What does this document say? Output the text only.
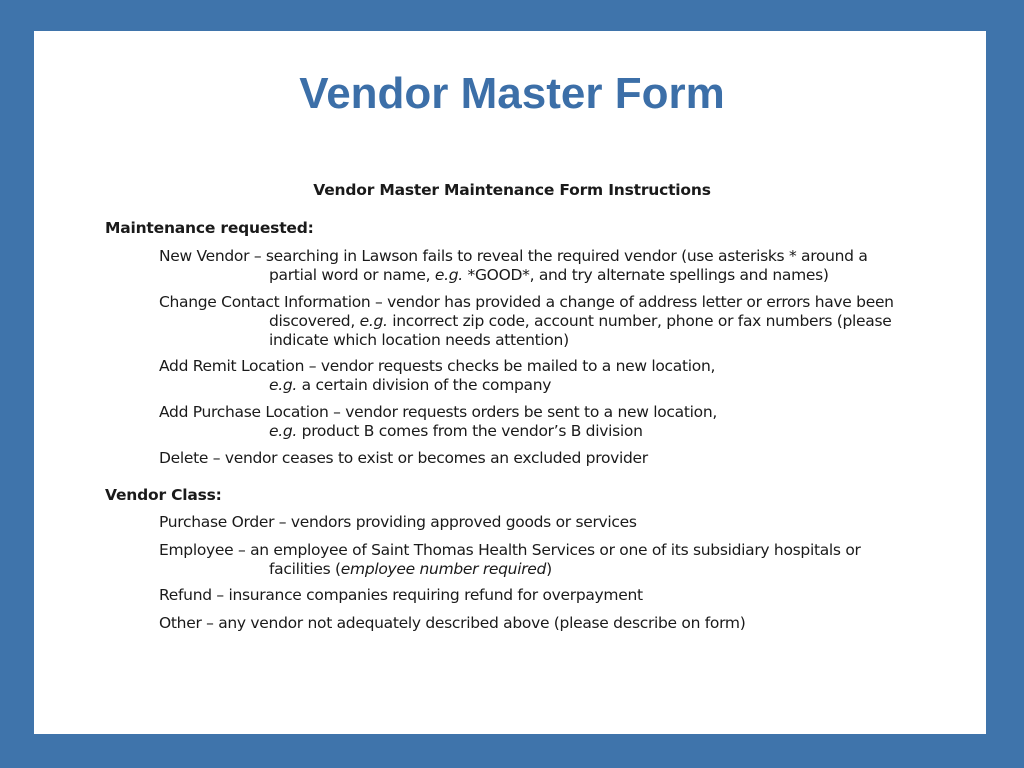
Vendor Master Form
Vendor Master Maintenance Form Instructions
Maintenance requested:
New Vendor – searching in Lawson fails to reveal the required vendor (use asterisks * around a
partial word or name, e.g. *GOOD*, and try alternate spellings and names)
Change Contact Information – vendor has provided a change of address letter or errors have been
discovered, e.g. incorrect zip code, account number, phone or fax numbers (please
indicate which location needs attention)
Add Remit Location – vendor requests checks be mailed to a new location,
e.g. a certain division of the company
Add Purchase Location – vendor requests orders be sent to a new location,
e.g. product B comes from the vendor’s B division
Delete – vendor ceases to exist or becomes an excluded provider
Vendor Class:
Purchase Order – vendors providing approved goods or services
Employee – an employee of Saint Thomas Health Services or one of its subsidiary hospitals or
facilities (employee number required)
Refund – insurance companies requiring refund for overpayment
Other – any vendor not adequately described above (please describe on form)
